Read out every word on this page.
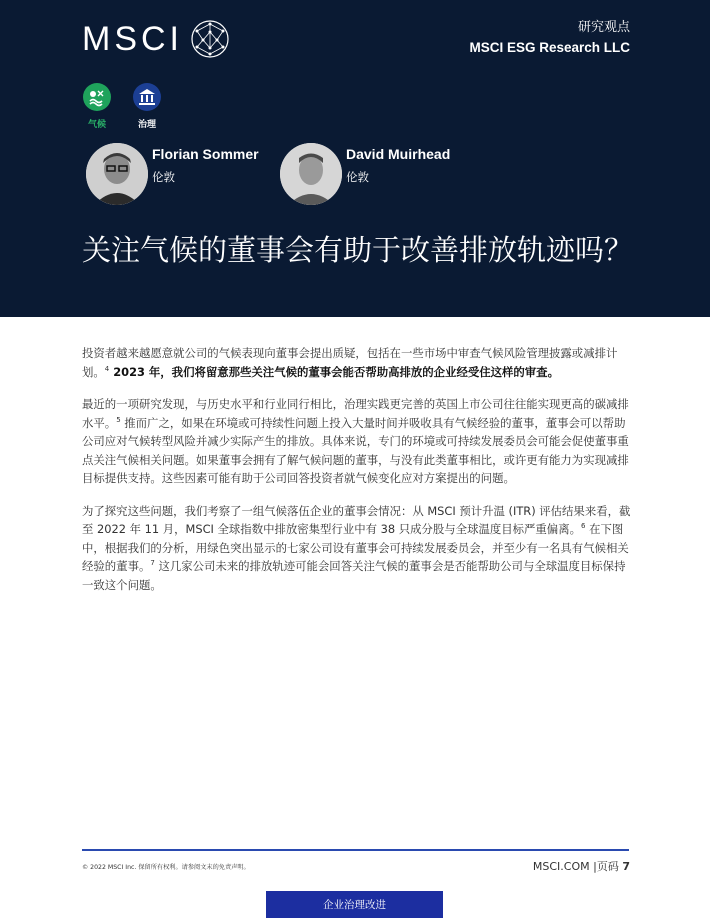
MSCI	研究观点
MSCI ESG Research LLC
气候	治理
Florian Sommer
伦敦
David Muirhead
伦敦
关注气候的董事会有助于改善排放轨迹吗？

投资者越来越愿意就公司的气候表现向董事会提出质疑，包括在一些市场中审查气候风险管理披露或减排计划。$^4$ 2023 年，我们将留意那些关注气候的董事会能否帮助高排放的企业经受住这样的审查。

最近的一项研究发现，与历史水平和行业同行相比，治理实践更完善的英国上市公司往往能实现更高的碳减排水平。$^5$ 推而广之，如果在环境或可持续性问题上投入大量时间并吸收具有气候经验的董事，董事会可以帮助公司应对气候转型风险并减少实际产生的排放。具体来说，专门的环境或可持续发展委员会可能会促使董事重点关注气候相关问题。如果董事会拥有了解气候问题的董事，与没有此类董事相比，或许更有能力为实现减排目标提供支持。这些因素可能有助于公司回答投资者就气候变化应对方案提出的问题。

为了探究这些问题，我们考察了一组气候落伍企业的董事会情况：从 MSCI 预计升温 (ITR) 评估结果来看，截至 2022 年 11 月，MSCI 全球指数中排放密集型行业中有 38 只成分股与全球温度目标严重偏离。$^6$ 在下图中，根据我们的分析，用绿色突出显示的七家公司设有董事会可持续发展委员会，并至少有一名具有气候相关经验的董事。$^7$ 这几家公司未来的排放轨迹可能会回答关注气候的董事会是否能帮助公司与全球温度目标保持一致这个问题。

© 2022 MSCI Inc. 保留所有权利。请参阅文末的免责声明。	MSCI.COM |页码 7
企业治理改进
